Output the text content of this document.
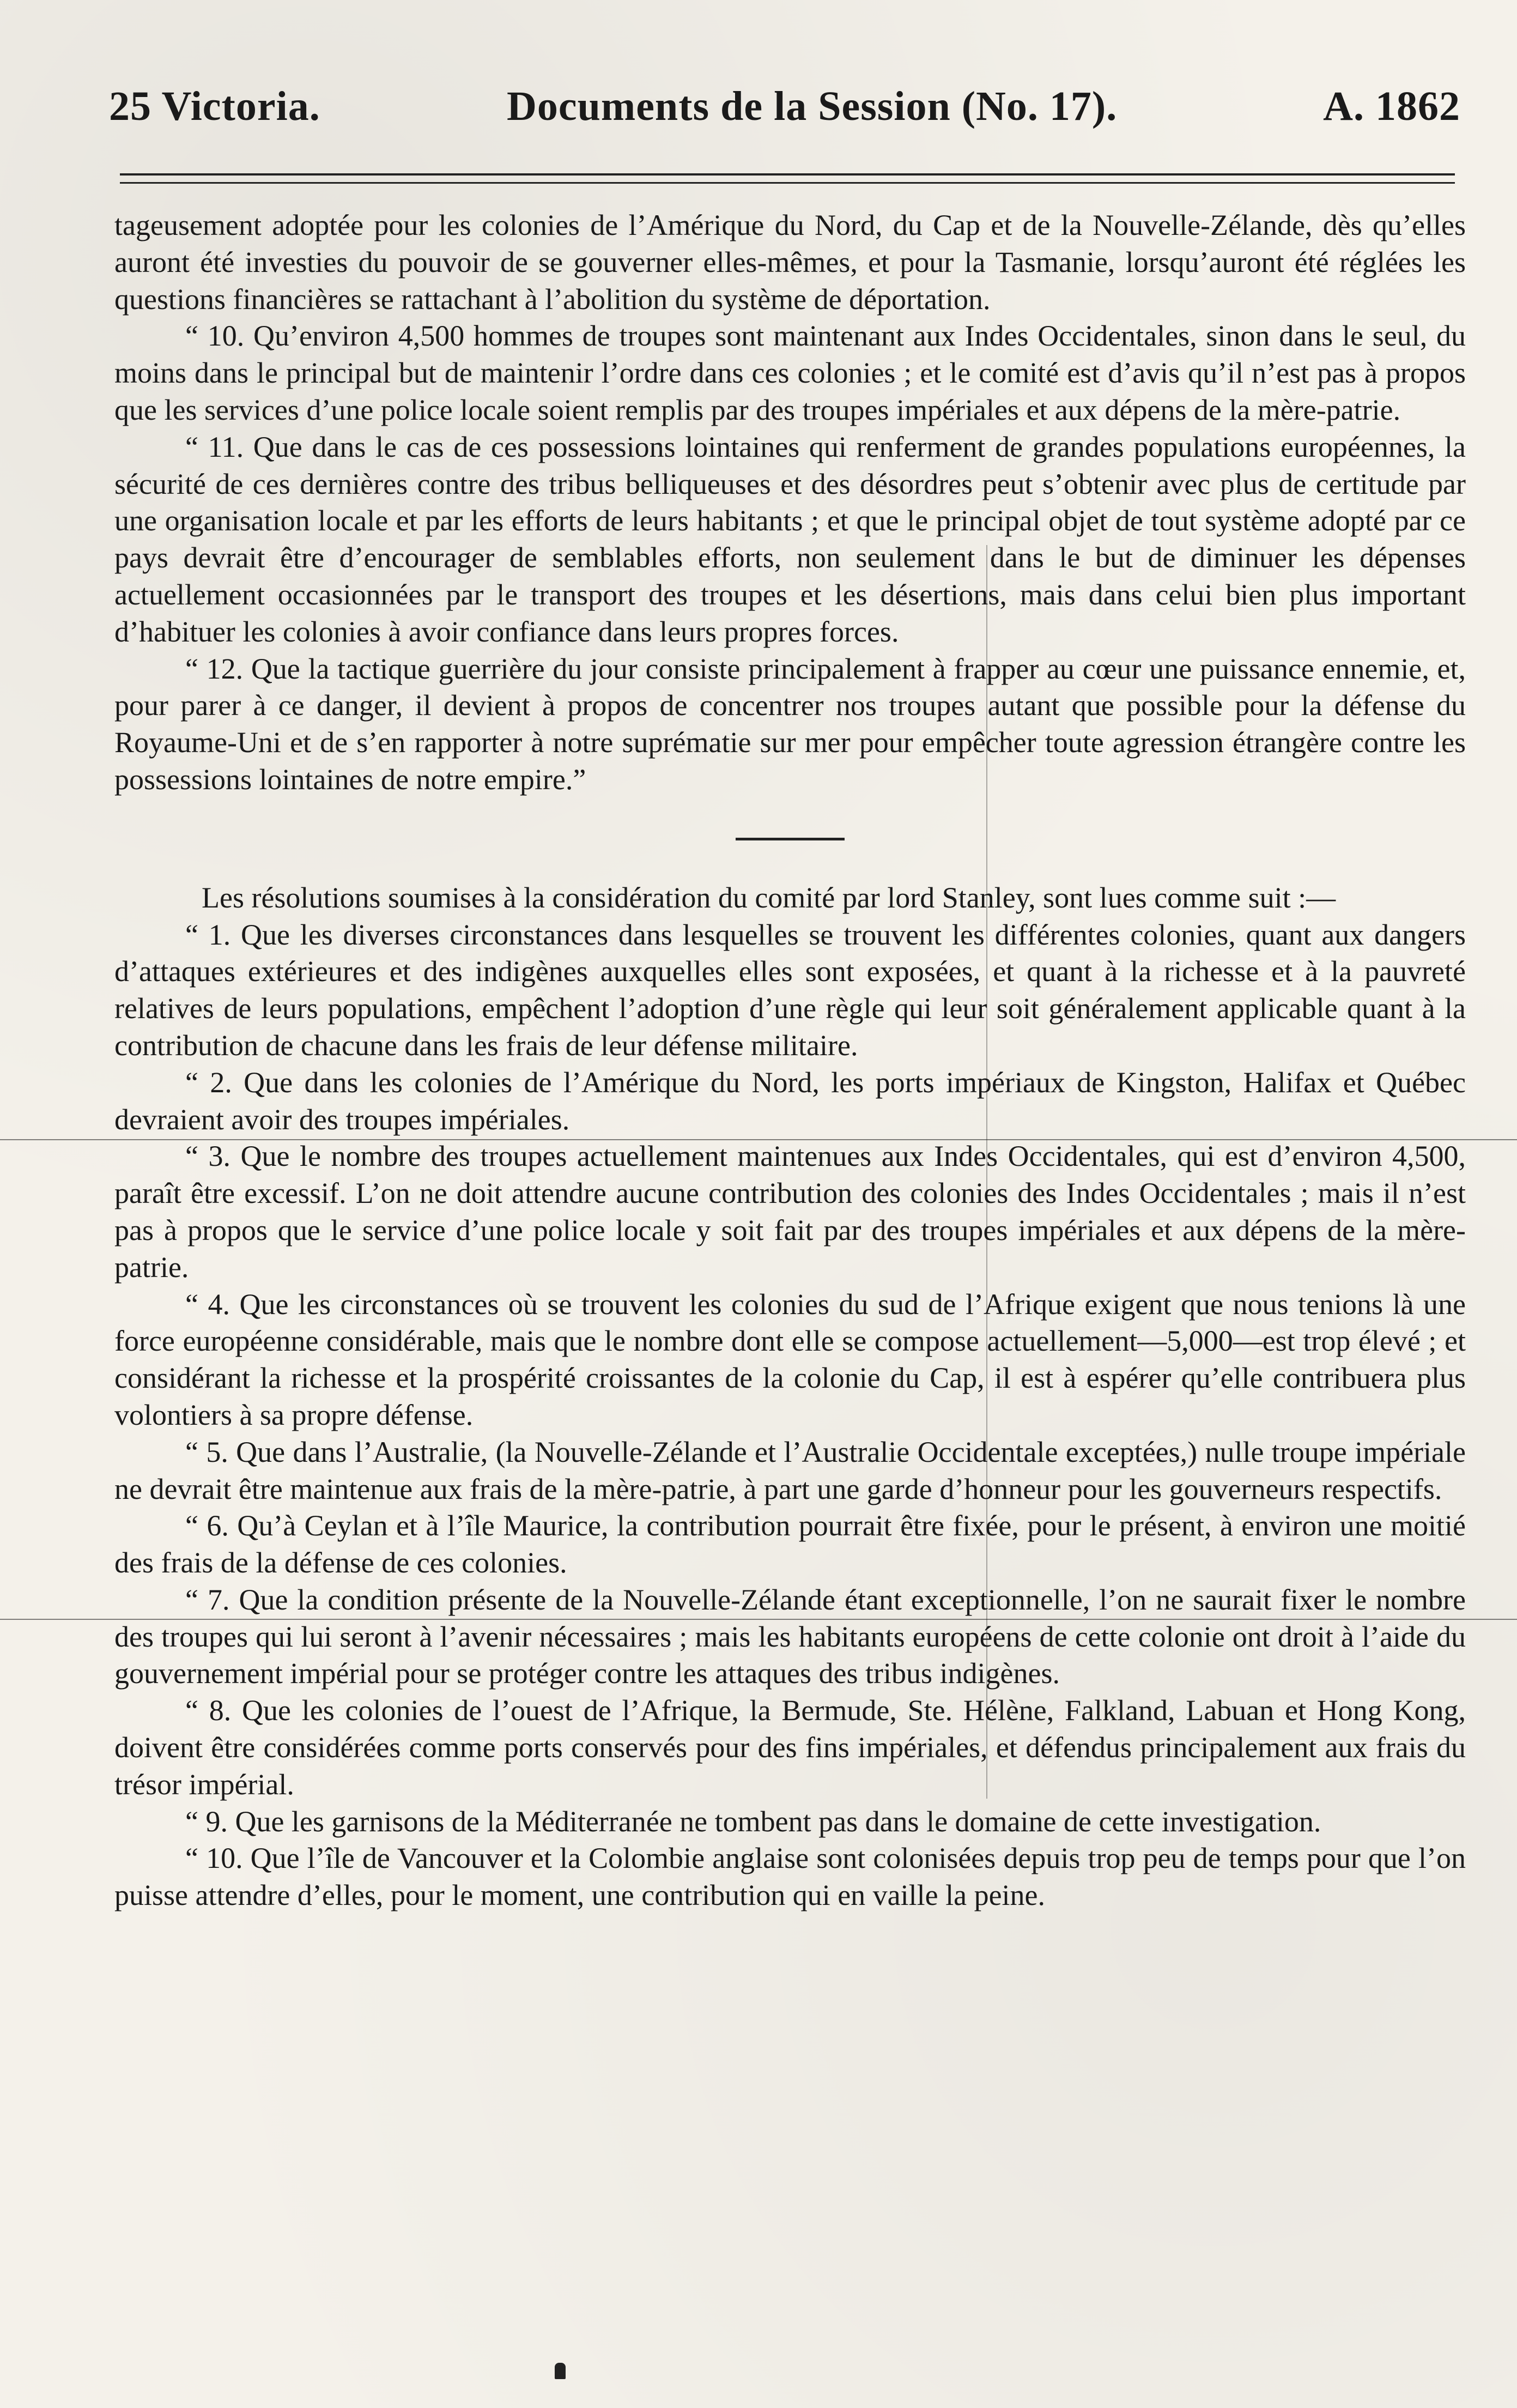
25 Victoria.	Documents de la Session (No. 17).	A. 1862

tageusement adoptée pour les colonies de l’Amérique du Nord, du Cap et de la Nouvelle-Zélande, dès qu’elles auront été investies du pouvoir de se gouverner elles-mêmes, et pour la Tasmanie, lorsqu’auront été réglées les questions financières se rattachant à l’abolition du système de déportation.

“ 10. Qu’environ 4,500 hommes de troupes sont maintenant aux Indes Occidentales, sinon dans le seul, du moins dans le principal but de maintenir l’ordre dans ces colonies ; et le comité est d’avis qu’il n’est pas à propos que les services d’une police locale soient remplis par des troupes impériales et aux dépens de la mère-patrie.

“ 11. Que dans le cas de ces possessions lointaines qui renferment de grandes populations européennes, la sécurité de ces dernières contre des tribus belliqueuses et des désordres peut s’obtenir avec plus de certitude par une organisation locale et par les efforts de leurs habitants ; et que le principal objet de tout système adopté par ce pays devrait être d’encourager de semblables efforts, non seulement dans le but de diminuer les dépenses actuellement occasionnées par le transport des troupes et les désertions, mais dans celui bien plus important d’habituer les colonies à avoir confiance dans leurs propres forces.

“ 12. Que la tactique guerrière du jour consiste principalement à frapper au cœur une puissance ennemie, et, pour parer à ce danger, il devient à propos de concentrer nos troupes autant que possible pour la défense du Royaume-Uni et de s’en rapporter à notre suprématie sur mer pour empêcher toute agression étrangère contre les possessions lointaines de notre empire.”

Les résolutions soumises à la considération du comité par lord Stanley, sont lues comme suit :—

“ 1. Que les diverses circonstances dans lesquelles se trouvent les différentes colonies, quant aux dangers d’attaques extérieures et des indigènes auxquelles elles sont exposées, et quant à la richesse et à la pauvreté relatives de leurs populations, empêchent l’adoption d’une règle qui leur soit généralement applicable quant à la contribution de chacune dans les frais de leur défense militaire.

“ 2. Que dans les colonies de l’Amérique du Nord, les ports impériaux de Kingston, Halifax et Québec devraient avoir des troupes impériales.

“ 3. Que le nombre des troupes actuellement maintenues aux Indes Occidentales, qui est d’environ 4,500, paraît être excessif. L’on ne doit attendre aucune contribution des colonies des Indes Occidentales ; mais il n’est pas à propos que le service d’une police locale y soit fait par des troupes impériales et aux dépens de la mère-patrie.

“ 4. Que les circonstances où se trouvent les colonies du sud de l’Afrique exigent que nous tenions là une force européenne considérable, mais que le nombre dont elle se compose actuellement—5,000—est trop élevé ; et considérant la richesse et la prospérité croissantes de la colonie du Cap, il est à espérer qu’elle contribuera plus volontiers à sa propre défense.

“ 5. Que dans l’Australie, (la Nouvelle-Zélande et l’Australie Occidentale exceptées,) nulle troupe impériale ne devrait être maintenue aux frais de la mère-patrie, à part une garde d’honneur pour les gouverneurs respectifs.

“ 6. Qu’à Ceylan et à l’île Maurice, la contribution pourrait être fixée, pour le présent, à environ une moitié des frais de la défense de ces colonies.

“ 7. Que la condition présente de la Nouvelle-Zélande étant exceptionnelle, l’on ne saurait fixer le nombre des troupes qui lui seront à l’avenir nécessaires ; mais les habitants européens de cette colonie ont droit à l’aide du gouvernement impérial pour se protéger contre les attaques des tribus indigènes.

“ 8. Que les colonies de l’ouest de l’Afrique, la Bermude, Ste. Hélène, Falkland, Labuan et Hong Kong, doivent être considérées comme ports conservés pour des fins impériales, et défendus principalement aux frais du trésor impérial.

“ 9. Que les garnisons de la Méditerranée ne tombent pas dans le domaine de cette investigation.

“ 10. Que l’île de Vancouver et la Colombie anglaise sont colonisées depuis trop peu de temps pour que l’on puisse attendre d’elles, pour le moment, une contribution qui en vaille la peine.
